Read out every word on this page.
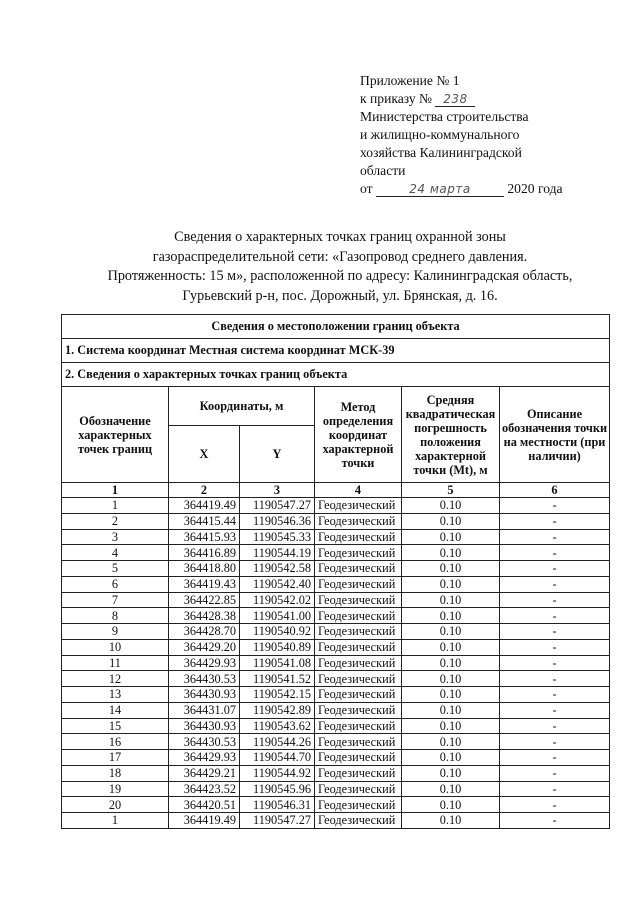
Приложение № 1
к приказу № 238
Министерства строительства
и жилищно-коммунального
хозяйства Калининградской
области
от	24 марта	2020 года
Сведения о характерных точках границ охранной зоны
газораспределительной сети: «Газопровод среднего давления.
Протяженность: 15 м», расположенной по адресу: Калининградская область,
Гурьевский р-н, пос. Дорожный, ул. Брянская, д. 16.
Сведения о местоположении границ объекта					
1. Система координат Местная система координат МСК-39					
2. Сведения о характерных точках границ объекта					
Обозначение характерных точек границ	Координаты, м		Метод определения координат характерной точки	Средняя квадратическая погрешность положения характерной точки (Mt), м	Описание обозначения точки на местности (при наличии)
	X	Y			
1	2	3	4	5	6
1	364419.49	1190547.27	Геодезический	0.10	-
2	364415.44	1190546.36	Геодезический	0.10	-
3	364415.93	1190545.33	Геодезический	0.10	-
4	364416.89	1190544.19	Геодезический	0.10	-
5	364418.80	1190542.58	Геодезический	0.10	-
6	364419.43	1190542.40	Геодезический	0.10	-
7	364422.85	1190542.02	Геодезический	0.10	-
8	364428.38	1190541.00	Геодезический	0.10	-
9	364428.70	1190540.92	Геодезический	0.10	-
10	364429.20	1190540.89	Геодезический	0.10	-
11	364429.93	1190541.08	Геодезический	0.10	-
12	364430.53	1190541.52	Геодезический	0.10	-
13	364430.93	1190542.15	Геодезический	0.10	-
14	364431.07	1190542.89	Геодезический	0.10	-
15	364430.93	1190543.62	Геодезический	0.10	-
16	364430.53	1190544.26	Геодезический	0.10	-
17	364429.93	1190544.70	Геодезический	0.10	-
18	364429.21	1190544.92	Геодезический	0.10	-
19	364423.52	1190545.96	Геодезический	0.10	-
20	364420.51	1190546.31	Геодезический	0.10	-
1	364419.49	1190547.27	Геодезический	0.10	-
